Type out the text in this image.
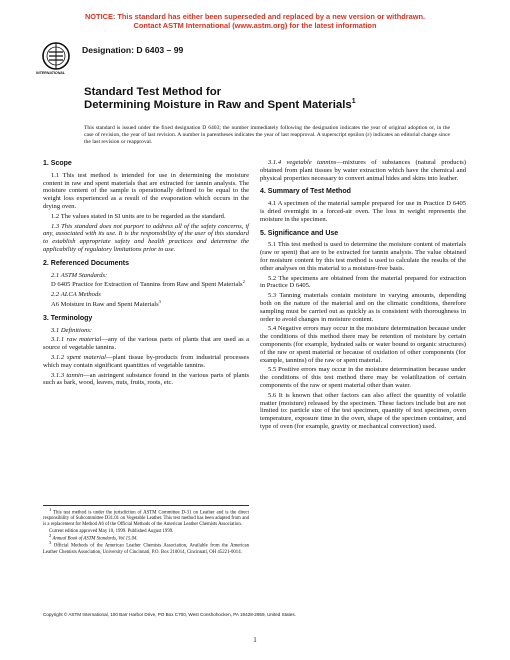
NOTICE: This standard has either been superseded and replaced by a new version or withdrawn.
Contact ASTM International (www.astm.org) for the latest information
INTERNATIONAL
Designation: D 6403 – 99
Standard Test Method for
Determining Moisture in Raw and Spent Materials$^1$
This standard is issued under the fixed designation D 6403; the number immediately following the designation indicates the year of original adoption or, in the case of revision, the year of last revision. A number in parentheses indicates the year of last reapproval. A superscript epsilon (ε) indicates an editorial change since the last revision or reapproval.
1. Scope

1.1 This test method is intended for use in determining the moisture content in raw and spent materials that are extracted for tannin analysis. The moisture content of the sample is operationally defined to be equal to the weight loss experienced as a result of the evaporation which occurs in the drying oven.

1.2 The values stated in SI units are to be regarded as the standard.

1.3 This standard does not purport to address all of the safety concerns, if any, associated with its use. It is the responsibility of the user of this standard to establish appropriate safety and health practices and determine the applicability of regulatory limitations prior to use.

2. Referenced Documents

2.1 ASTM Standards:

D 6405 Practice for Extraction of Tannins from Raw and Spent Materials$^2$

2.2 ALCA Methods

A6 Moisture in Raw and Spent Materials$^3$

3. Terminology

3.1 Definitions:

3.1.1 raw material—any of the various parts of plants that are used as a source of vegetable tannins.

3.1.2 spent material—plant tissue by-products from industrial processes which may contain significant quantities of vegetable tannins.

3.1.3 tannin—an astringent substance found in the various parts of plants such as bark, wood, leaves, nuts, fruits, roots, etc.

$^1$ This test method is under the jurisdiction of ASTM Committee D-31 on Leather and is the direct responsibility of Subcommittee D31.01 on Vegetable Leather. This test method has been adapted from and is a replacement for Method A6 of the Official Methods of the American Leather Chemists Association.

Current edition approved May 10, 1999. Published August 1999.

$^2$ Annual Book of ASTM Standards, Vol 15.04.

$^3$ Official Methods of the American Leather Chemists Association, Available from the American Leather Chemists Association, University of Cincinnati, P.O. Box 210014, Cincinnati, OH 45221-0014.

3.1.4 vegetable tannins—mixtures of substances (natural products) obtained from plant tissues by water extraction which have the chemical and physical properties necessary to convert animal hides and skins into leather.

4. Summary of Test Method

4.1 A specimen of the material sample prepared for use in Practice D 6405 is dried overnight in a forced-air oven. The loss in weight represents the moisture in the specimen.

5. Significance and Use

5.1 This test method is used to determine the moisture content of materials (raw or spent) that are to be extracted for tannin analysis. The value obtained for moisture content by this test method is used to calculate the results of the other analyses on this material to a moisture-free basis.

5.2 The specimens are obtained from the material prepared for extraction in Practice D 6405.

5.3 Tanning materials contain moisture in varying amounts, depending both on the nature of the material and on the climatic conditions, therefore sampling must be carried out as quickly as is consistent with thoroughness in order to avoid changes in moisture content.

5.4 Negative errors may occur in the moisture determination because under the conditions of this method there may be retention of moisture by certain components (for example, hydrated salts or water bound to organic structures) of the raw or spent material or because of oxidation of other components (for example, tannins) of the raw or spent material.

5.5 Positive errors may occur in the moisture determination because under the conditions of this test method there may be volatilization of certain components of the raw or spent material other than water.

5.6 It is known that other factors can also affect the quantity of volatile matter (moisture) released by the specimen. These factors include but are not limited to: particle size of the test specimen, quantity of test specimen, oven temperature, exposure time in the oven, shape of the specimen container, and type of oven (for example, gravity or mechanical convection) used.

Copyright © ASTM International, 100 Barr Harbor Drive, PO Box C700, West Conshohocken, PA 19428-2959, United States.
1
